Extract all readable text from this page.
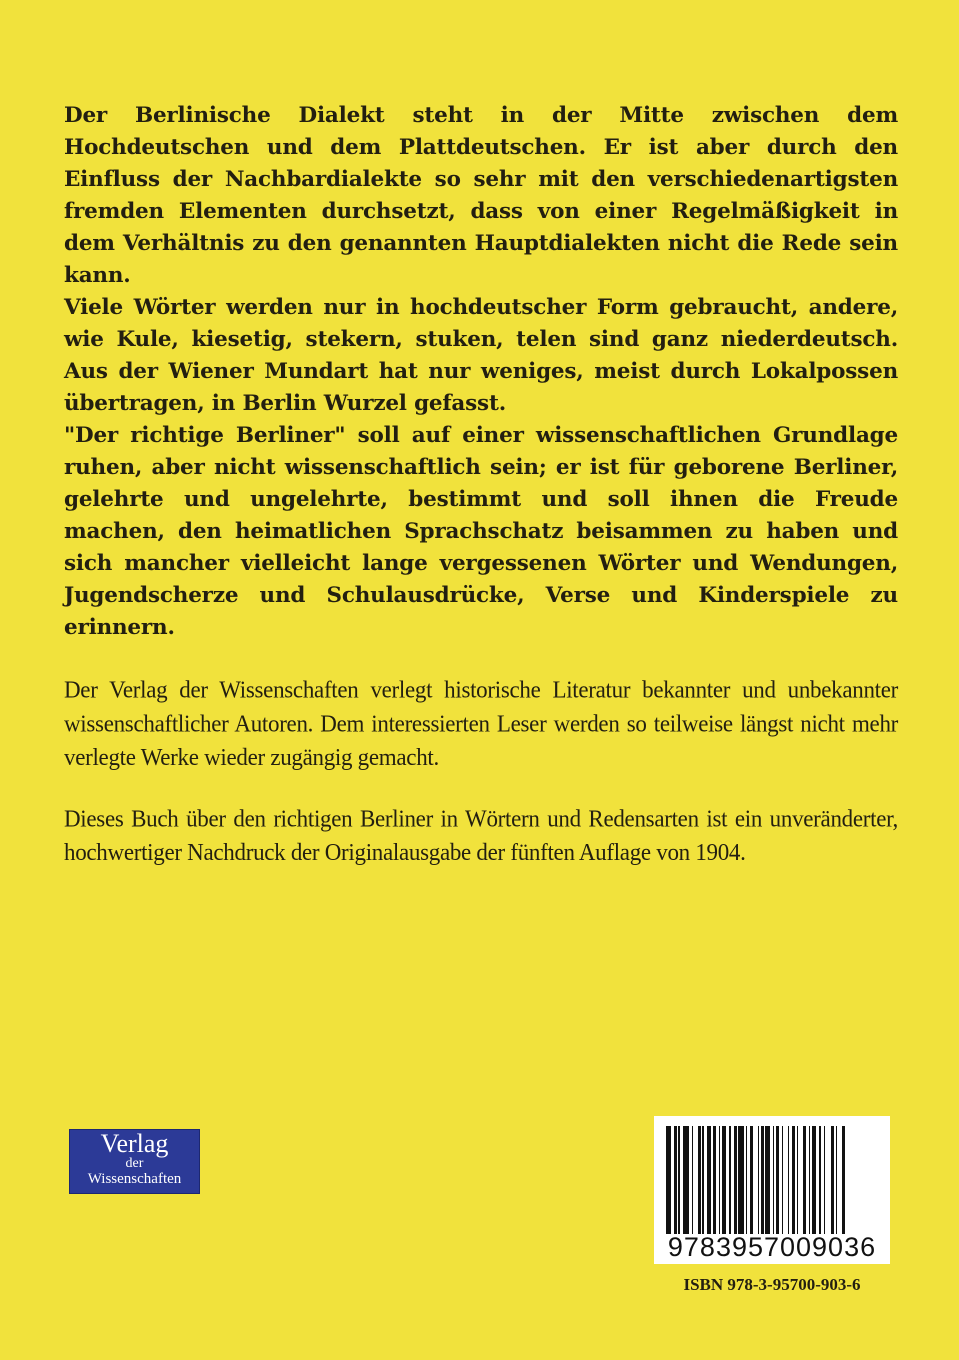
Der Berlinische Dialekt steht in der Mitte zwischen dem Hochdeutschen und dem Plattdeutschen. Er ist aber durch den Einfluss der Nachbardialekte so sehr mit den verschiedenartigsten fremden Elementen durchsetzt, dass von einer Regelmäßigkeit in dem Verhältnis zu den genannten Hauptdialekten nicht die Rede sein kann.

Viele Wörter werden nur in hochdeutscher Form gebraucht, andere, wie Kule, kiesetig, stekern, stuken, telen sind ganz niederdeutsch. Aus der Wiener Mundart hat nur weniges, meist durch Lokalpossen übertragen, in Berlin Wurzel gefasst.

"Der richtige Berliner" soll auf einer wissenschaftlichen Grundlage ruhen, aber nicht wissenschaftlich sein; er ist für geborene Berliner, gelehrte und ungelehrte, bestimmt und soll ihnen die Freude machen, den heimatlichen Sprachschatz beisammen zu haben und sich mancher vielleicht lange vergessenen Wörter und Wendungen, Jugendscherze und Schulausdrücke, Verse und Kinderspiele zu erinnern.

Der Verlag der Wissenschaften verlegt historische Literatur bekannter und unbekannter wissenschaftlicher Autoren. Dem interessierten Leser werden so teilweise längst nicht mehr verlegte Werke wieder zugängig gemacht.

Dieses Buch über den richtigen Berliner in Wörtern und Redensarten ist ein unveränderter, hochwertiger Nachdruck der Originalausgabe der fünften Auflage von 1904.

Verlag
der
Wissenschaften
9783957009036
ISBN 978-3-95700-903-6
